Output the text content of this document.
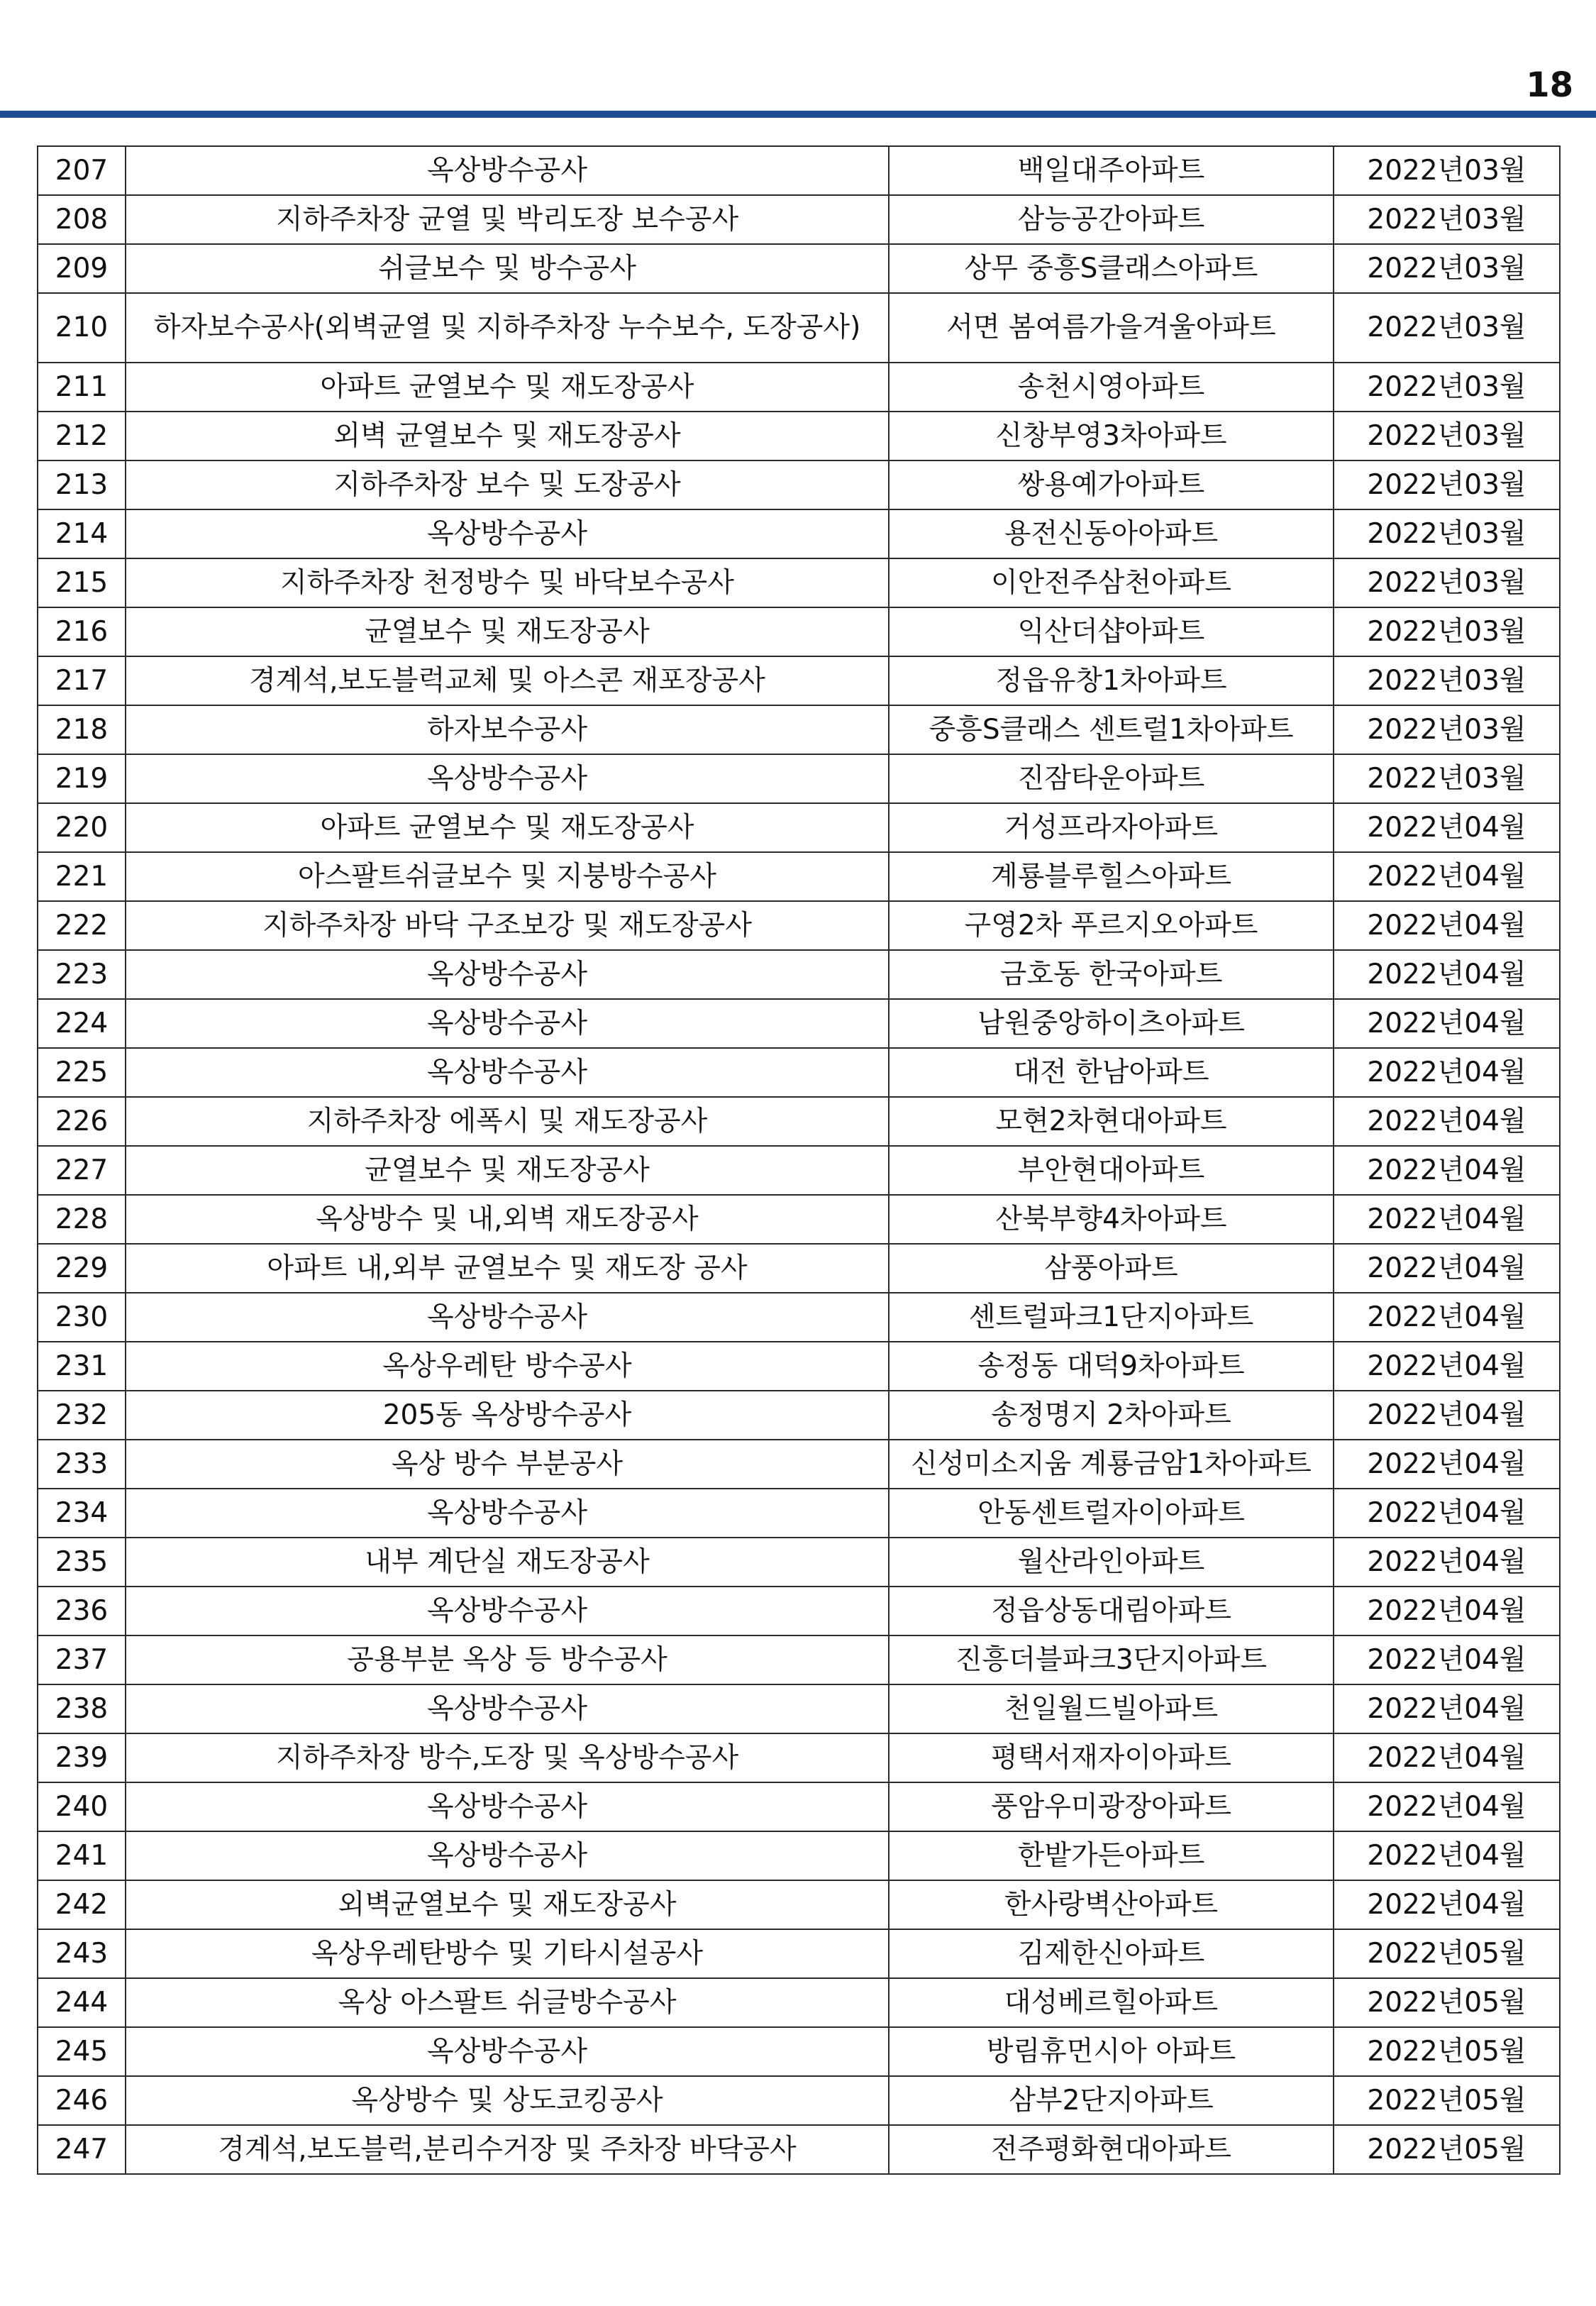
18
207	옥상방수공사	백일대주아파트	2022년03월
208	지하주차장 균열 및 박리도장 보수공사	삼능공간아파트	2022년03월
209	쉬글보수 및 방수공사	상무 중흥S클래스아파트	2022년03월
210	하자보수공사(외벽균열 및 지하주차장 누수보수, 도장공사)	서면 봄여름가을겨울아파트	2022년03월
211	아파트 균열보수 및 재도장공사	송천시영아파트	2022년03월
212	외벽 균열보수 및 재도장공사	신창부영3차아파트	2022년03월
213	지하주차장 보수 및 도장공사	쌍용예가아파트	2022년03월
214	옥상방수공사	용전신동아아파트	2022년03월
215	지하주차장 천정방수 및 바닥보수공사	이안전주삼천아파트	2022년03월
216	균열보수 및 재도장공사	익산더샵아파트	2022년03월
217	경계석,보도블럭교체 및 아스콘 재포장공사	정읍유창1차아파트	2022년03월
218	하자보수공사	중흥S클래스 센트럴1차아파트	2022년03월
219	옥상방수공사	진잠타운아파트	2022년03월
220	아파트 균열보수 및 재도장공사	거성프라자아파트	2022년04월
221	아스팔트쉬글보수 및 지붕방수공사	계룡블루힐스아파트	2022년04월
222	지하주차장 바닥 구조보강 및 재도장공사	구영2차 푸르지오아파트	2022년04월
223	옥상방수공사	금호동 한국아파트	2022년04월
224	옥상방수공사	남원중앙하이츠아파트	2022년04월
225	옥상방수공사	대전 한남아파트	2022년04월
226	지하주차장 에폭시 및 재도장공사	모현2차현대아파트	2022년04월
227	균열보수 및 재도장공사	부안현대아파트	2022년04월
228	옥상방수 및 내,외벽 재도장공사	산북부향4차아파트	2022년04월
229	아파트 내,외부 균열보수 및 재도장 공사	삼풍아파트	2022년04월
230	옥상방수공사	센트럴파크1단지아파트	2022년04월
231	옥상우레탄 방수공사	송정동 대덕9차아파트	2022년04월
232	205동 옥상방수공사	송정명지 2차아파트	2022년04월
233	옥상 방수 부분공사	신성미소지움 계룡금암1차아파트	2022년04월
234	옥상방수공사	안동센트럴자이아파트	2022년04월
235	내부 계단실 재도장공사	월산라인아파트	2022년04월
236	옥상방수공사	정읍상동대림아파트	2022년04월
237	공용부분 옥상 등 방수공사	진흥더블파크3단지아파트	2022년04월
238	옥상방수공사	천일월드빌아파트	2022년04월
239	지하주차장 방수,도장 및 옥상방수공사	평택서재자이아파트	2022년04월
240	옥상방수공사	풍암우미광장아파트	2022년04월
241	옥상방수공사	한밭가든아파트	2022년04월
242	외벽균열보수 및 재도장공사	한사랑벽산아파트	2022년04월
243	옥상우레탄방수 및 기타시설공사	김제한신아파트	2022년05월
244	옥상 아스팔트 쉬글방수공사	대성베르힐아파트	2022년05월
245	옥상방수공사	방림휴먼시아 아파트	2022년05월
246	옥상방수 및 상도코킹공사	삼부2단지아파트	2022년05월
247	경계석,보도블럭,분리수거장 및 주차장 바닥공사	전주평화현대아파트	2022년05월
